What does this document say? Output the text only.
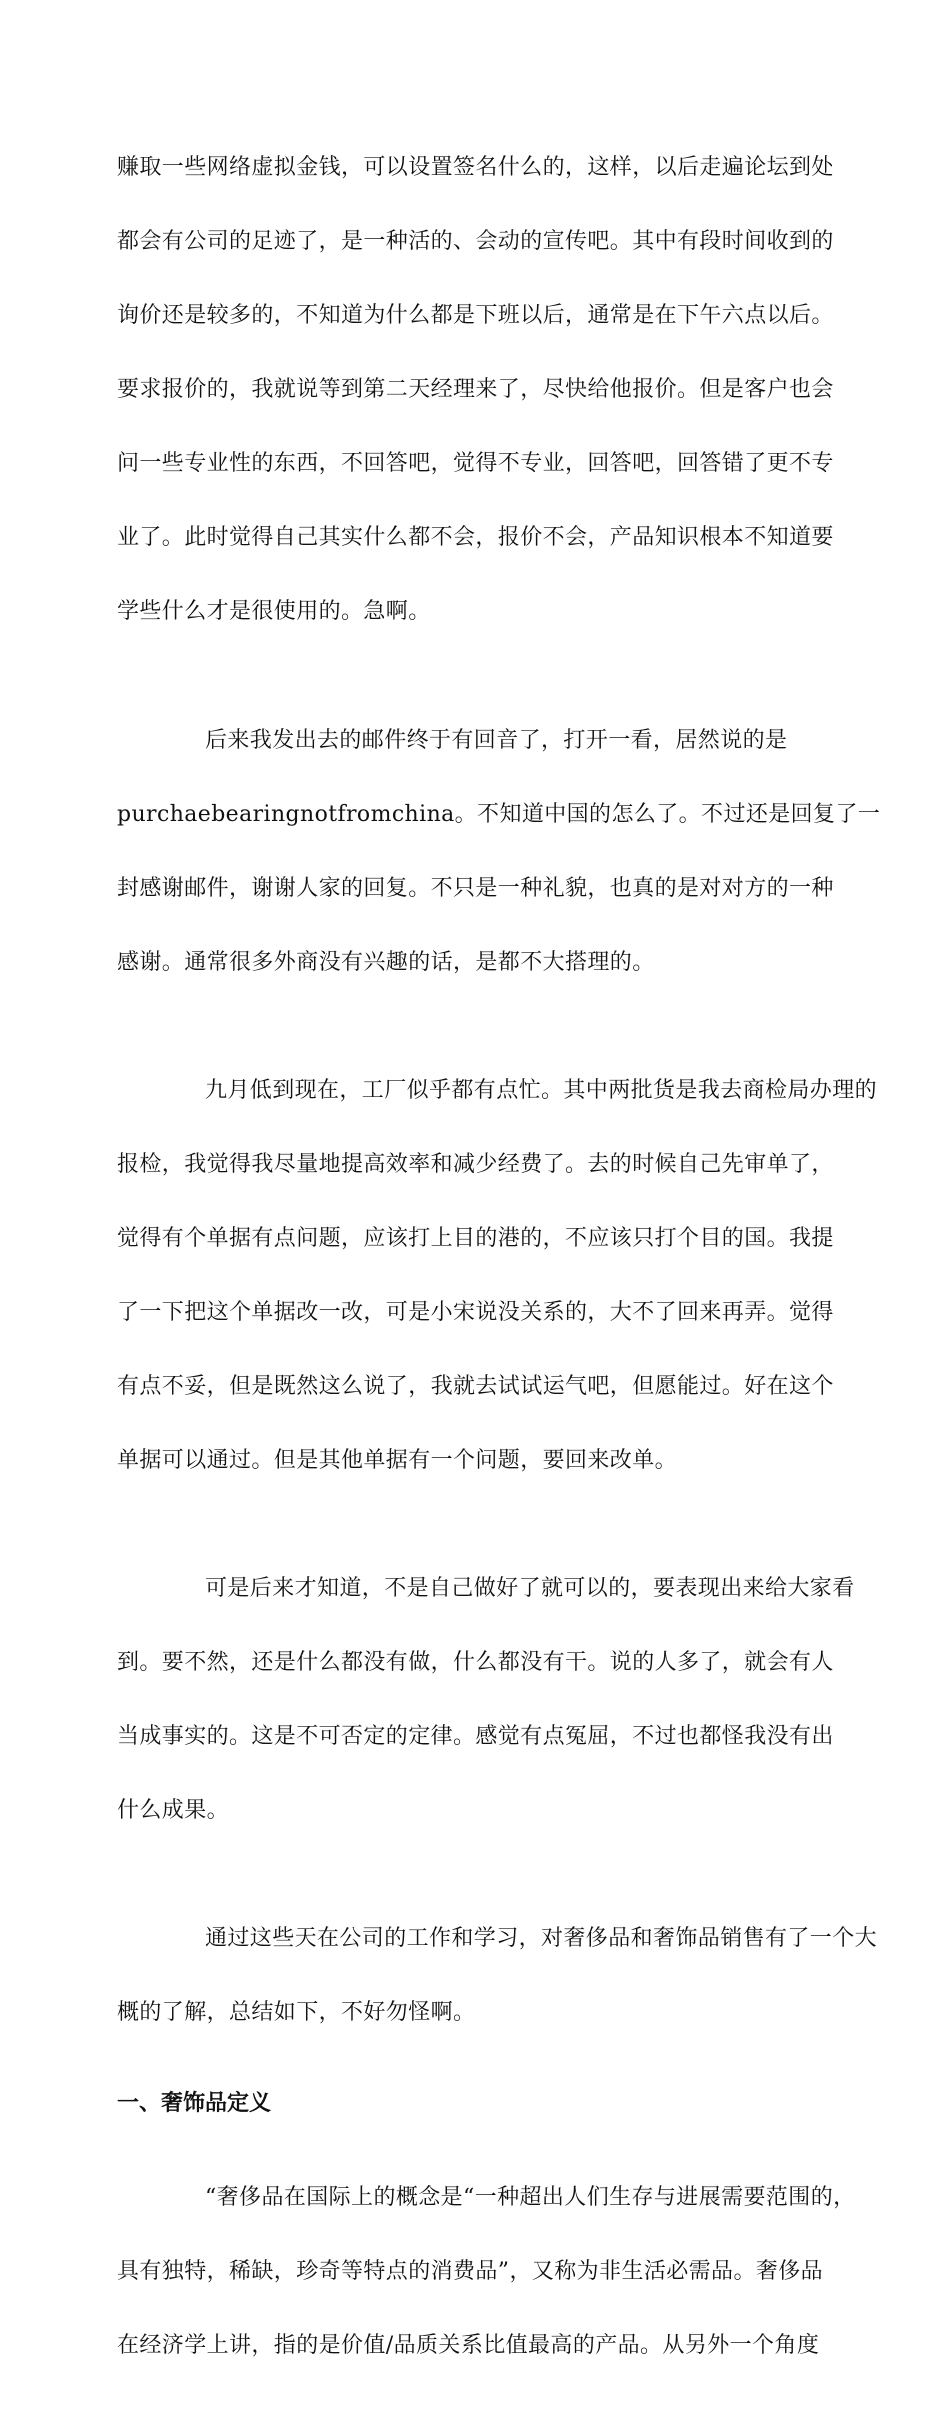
赚取一些网络虚拟金钱，可以设置签名什么的，这样，以后走遍论坛到处

都会有公司的足迹了，是一种活的、会动的宣传吧。其中有段时间收到的

询价还是较多的，不知道为什么都是下班以后，通常是在下午六点以后。

要求报价的，我就说等到第二天经理来了，尽快给他报价。但是客户也会

问一些专业性的东西，不回答吧，觉得不专业，回答吧，回答错了更不专

业了。此时觉得自己其实什么都不会，报价不会，产品知识根本不知道要

学些什么才是很使用的。急啊。

后来我发出去的邮件终于有回音了，打开一看，居然说的是

purchaebearingnotfromchina。不知道中国的怎么了。不过还是回复了一

封感谢邮件，谢谢人家的回复。不只是一种礼貌，也真的是对对方的一种

感谢。通常很多外商没有兴趣的话，是都不大搭理的。

九月低到现在，工厂似乎都有点忙。其中两批货是我去商检局办理的

报检，我觉得我尽量地提高效率和减少经费了。去的时候自己先审单了，

觉得有个单据有点问题，应该打上目的港的，不应该只打个目的国。我提

了一下把这个单据改一改，可是小宋说没关系的，大不了回来再弄。觉得

有点不妥，但是既然这么说了，我就去试试运气吧，但愿能过。好在这个

单据可以通过。但是其他单据有一个问题，要回来改单。

可是后来才知道，不是自己做好了就可以的，要表现出来给大家看

到。要不然，还是什么都没有做，什么都没有干。说的人多了，就会有人

当成事实的。这是不可否定的定律。感觉有点冤屈，不过也都怪我没有出

什么成果。

通过这些天在公司的工作和学习，对奢侈品和奢饰品销售有了一个大

概的了解，总结如下，不好勿怪啊。

一、奢饰品定义

“奢侈品在国际上的概念是“一种超出人们生存与进展需要范围的，

具有独特，稀缺，珍奇等特点的消费品”，又称为非生活必需品。奢侈品

在经济学上讲，指的是价值/品质关系比值最高的产品。从另外一个角度
